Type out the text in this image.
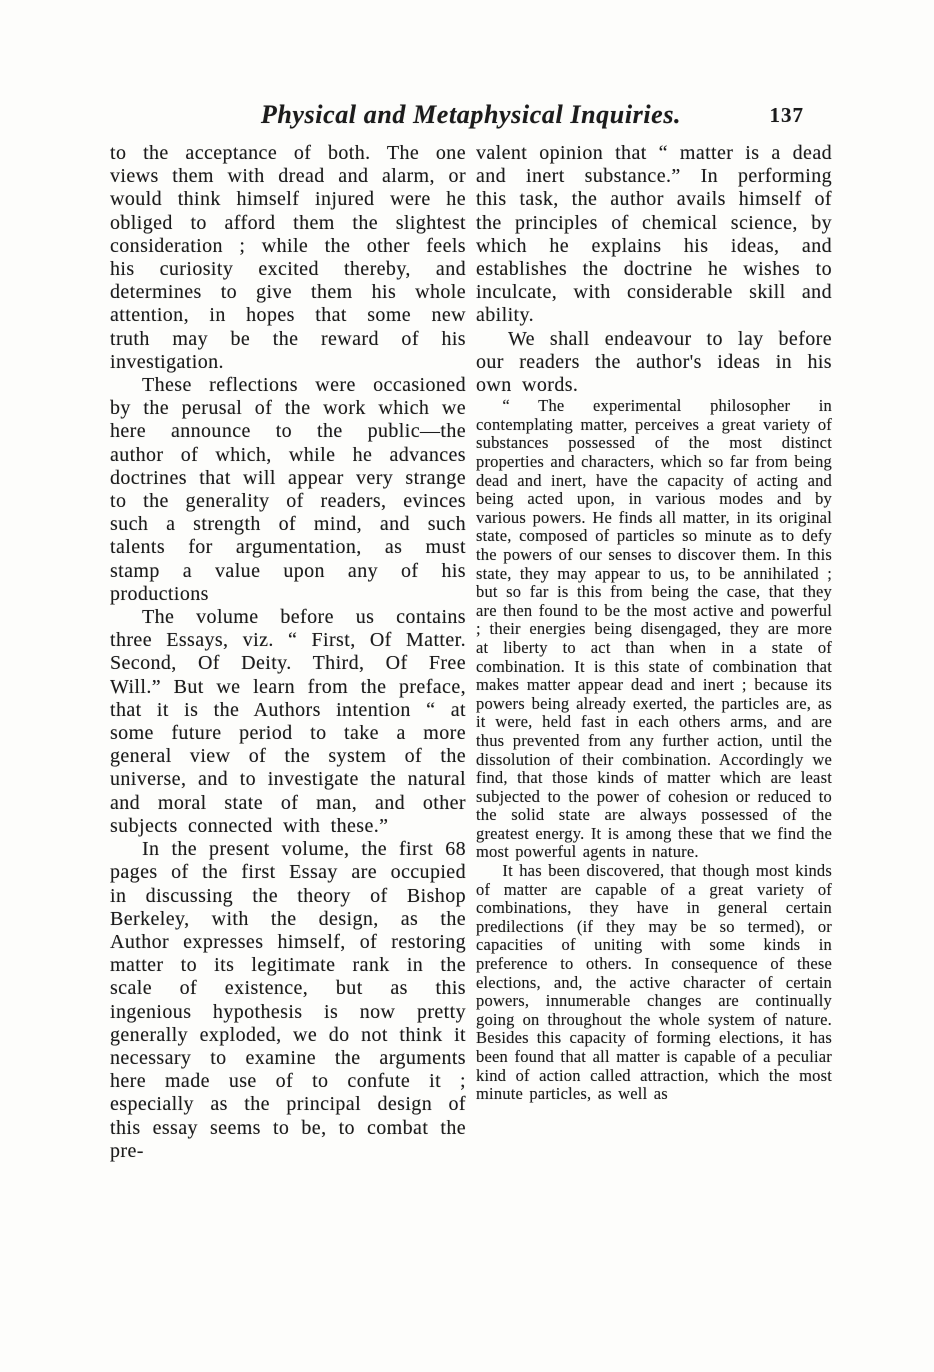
Physical and Metaphysical Inquiries.	137

to the acceptance of both. The one views them with dread and alarm, or would think himself injured were he obliged to afford them the slightest consideration ; while the other feels his curiosity excited thereby, and determines to give them his whole attention, in hopes that some new truth may be the reward of his investigation.

These reflections were occasioned by the perusal of the work which we here announce to the public—the author of which, while he advances doctrines that will appear very strange to the generality of readers, evinces such a strength of mind, and such talents for argumentation, as must stamp a value upon any of his productions

The volume before us contains three Essays, viz. “ First, Of Matter. Second, Of Deity. Third, Of Free Will.” But we learn from the preface, that it is the Authors intention “ at some future period to take a more general view of the system of the universe, and to investigate the natural and moral state of man, and other subjects connected with these.”

In the present volume, the first 68 pages of the first Essay are occupied in discussing the theory of Bishop Berkeley, with the design, as the Author expresses himself, of restoring matter to its legitimate rank in the scale of existence, but as this ingenious hypothesis is now pretty generally exploded, we do not think it necessary to examine the arguments here made use of to confute it ; especially as the principal design of this essay seems to be, to combat the pre-

valent opinion that “ matter is a dead and inert substance.” In performing this task, the author avails himself of the principles of chemical science, by which he explains his ideas, and establishes the doctrine he wishes to inculcate, with considerable skill and ability.

We shall endeavour to lay before our readers the author's ideas in his own words.

“ The experimental philosopher in contemplating matter, perceives a great variety of substances possessed of the most distinct properties and characters, which so far from being dead and inert, have the capacity of acting and being acted upon, in various modes and by various powers. He finds all matter, in its original state, composed of particles so minute as to defy the powers of our senses to discover them. In this state, they may appear to us, to be annihilated ; but so far is this from being the case, that they are then found to be the most active and powerful ; their energies being disengaged, they are more at liberty to act than when in a state of combination. It is this state of combination that makes matter appear dead and inert ; because its powers being already exerted, the particles are, as it were, held fast in each others arms, and are thus prevented from any further action, until the dissolution of their combination. Accordingly we find, that those kinds of matter which are least subjected to the power of cohesion or reduced to the solid state are always possessed of the greatest energy. It is among these that we find the most powerful agents in nature.

It has been discovered, that though most kinds of matter are capable of a great variety of combinations, they have in general certain predilections (if they may be so termed), or capacities of uniting with some kinds in preference to others. In consequence of these elections, and, the active character of certain powers, innumerable changes are continually going on throughout the whole system of nature. Besides this capacity of forming elections, it has been found that all matter is capable of a peculiar kind of action called attraction, which the most minute particles, as well as
